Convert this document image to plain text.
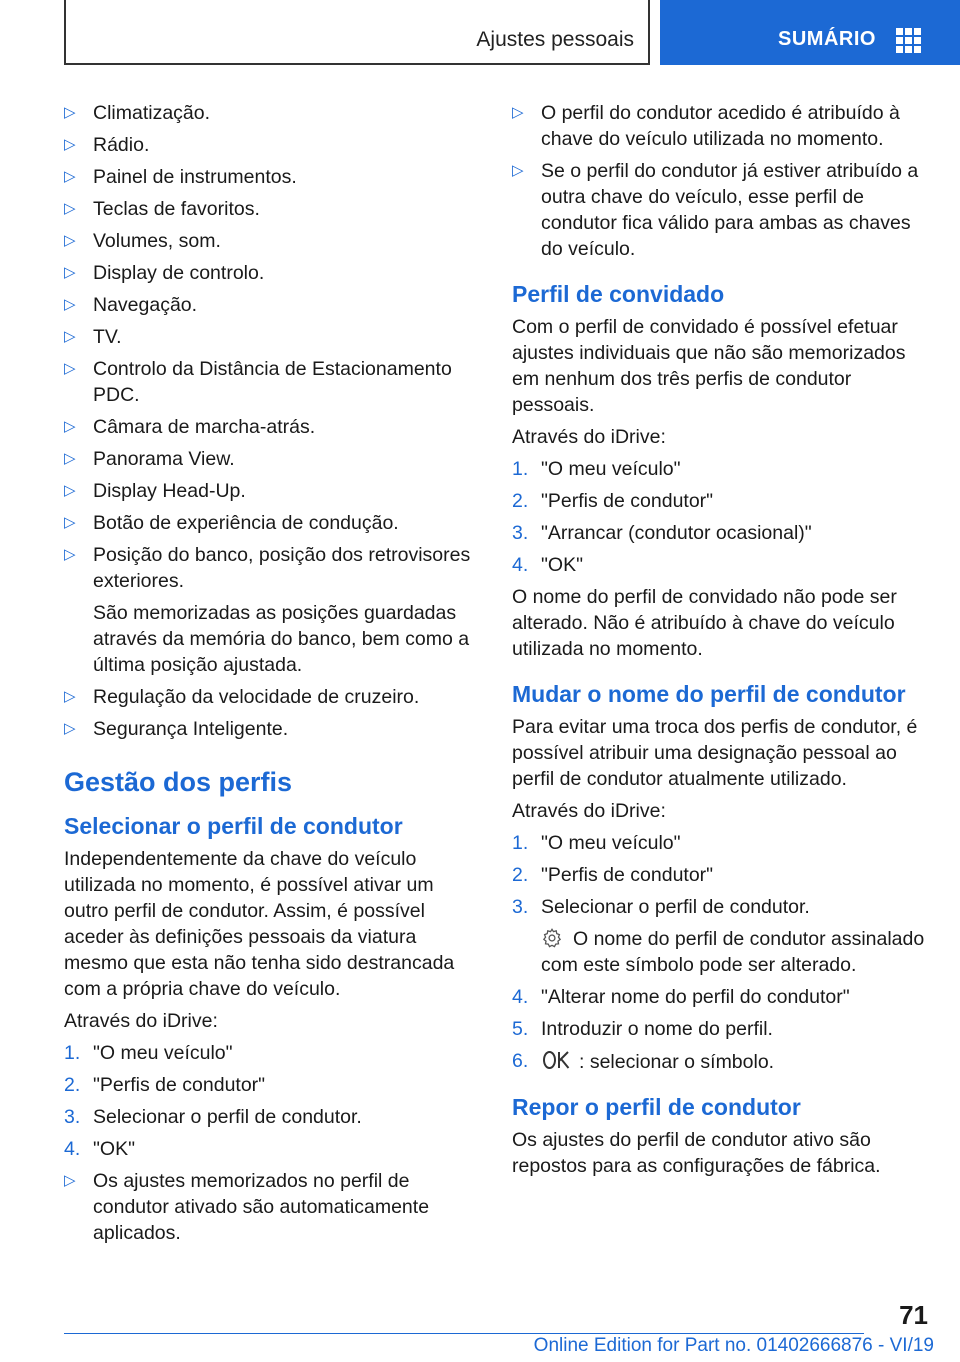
Ajustes pessoais	SUMÁRIO
▷ Climatização.
▷ Rádio.
▷ Painel de instrumentos.
▷ Teclas de favoritos.
▷ Volumes, som.
▷ Display de controlo.
▷ Navegação.
▷ TV.
▷ Controlo da Distância de Estacionamento PDC.
▷ Câmara de marcha-atrás.
▷ Panorama View.
▷ Display Head-Up.
▷ Botão de experiência de condução.
▷ Posição do banco, posição dos retrovisores exteriores.
São memorizadas as posições guardadas através da memória do banco, bem como a última posição ajustada.
▷ Regulação da velocidade de cruzeiro.
▷ Segurança Inteligente.
Gestão dos perfis
Selecionar o perfil de condutor
Independentemente da chave do veículo utilizada no momento, é possível ativar um outro perfil de condutor. Assim, é possível aceder às definições pessoais da viatura mesmo que esta não tenha sido destrancada com a própria chave do veículo.
Através do iDrive:
1. "O meu veículo"
2. "Perfis de condutor"
3. Selecionar o perfil de condutor.
4. "OK"
▷ Os ajustes memorizados no perfil de condutor ativado são automaticamente aplicados.
▷ O perfil do condutor acedido é atribuído à chave do veículo utilizada no momento.
▷ Se o perfil do condutor já estiver atribuído a outra chave do veículo, esse perfil de condutor fica válido para ambas as chaves do veículo.
Perfil de convidado
Com o perfil de convidado é possível efetuar ajustes individuais que não são memorizados em nenhum dos três perfis de condutor pessoais.
Através do iDrive:
1. "O meu veículo"
2. "Perfis de condutor"
3. "Arrancar (condutor ocasional)"
4. "OK"
O nome do perfil de convidado não pode ser alterado. Não é atribuído à chave do veículo utilizada no momento.
Mudar o nome do perfil de condutor
Para evitar uma troca dos perfis de condutor, é possível atribuir uma designação pessoal ao perfil de condutor atualmente utilizado.
Através do iDrive:
1. "O meu veículo"
2. "Perfis de condutor"
3. Selecionar o perfil de condutor.
O nome do perfil de condutor assinalado com este símbolo pode ser alterado.
4. "Alterar nome do perfil do condutor"
5. Introduzir o nome do perfil.
6.	: selecionar o símbolo.
Repor o perfil de condutor
Os ajustes do perfil de condutor ativo são repostos para as configurações de fábrica.
71
Online Edition for Part no. 01402666876 - VI/19
